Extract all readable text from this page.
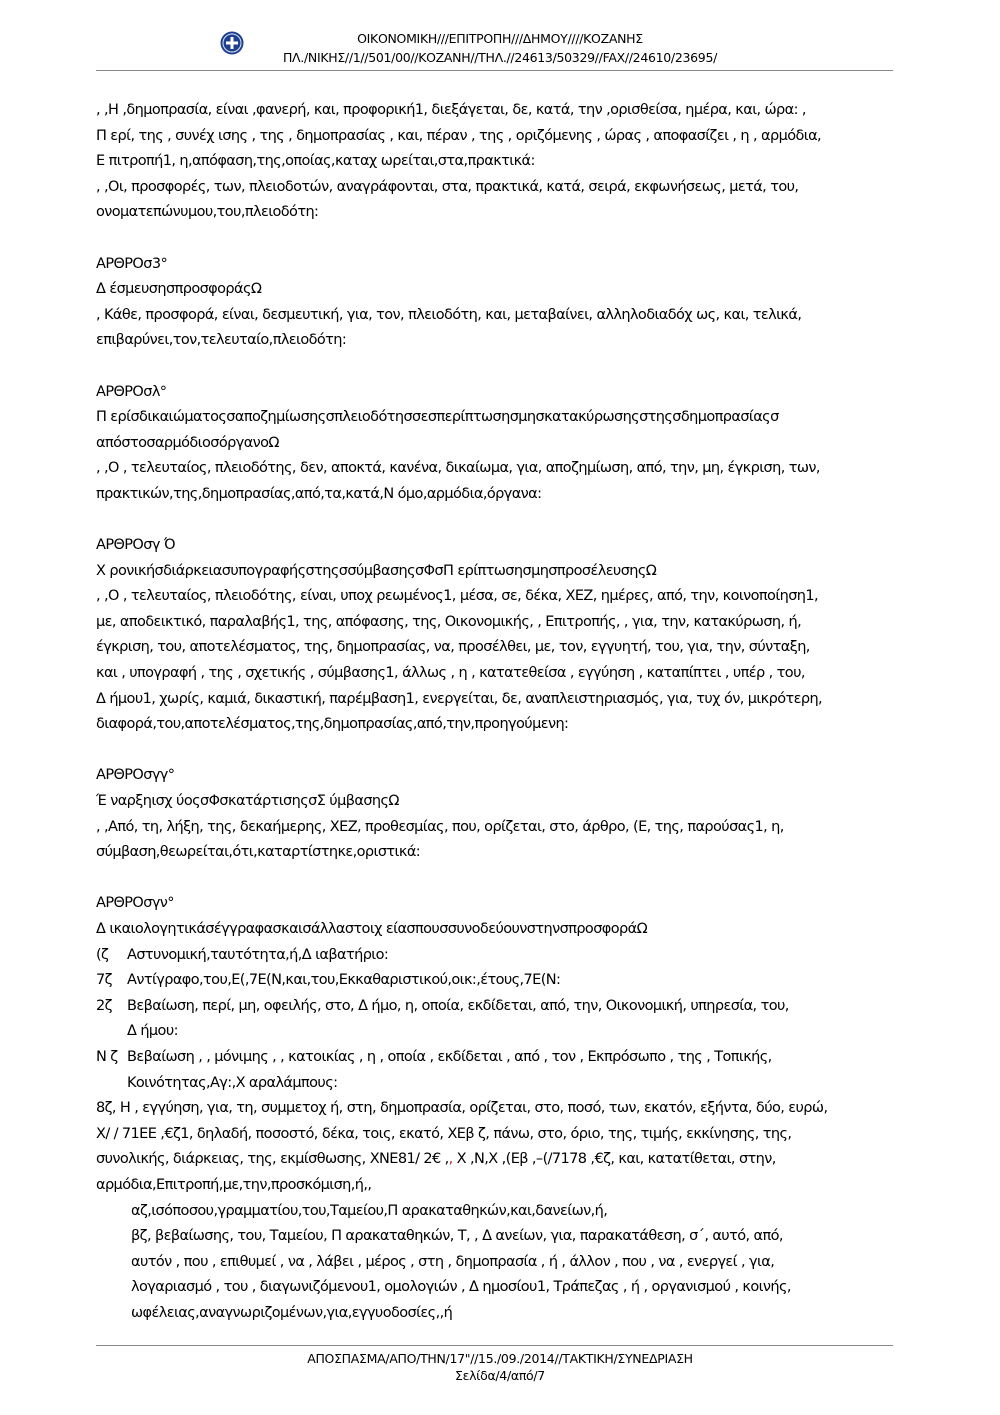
ΟΙΚΟΝΟΜΙΚΗ///ΕΠΙΤΡΟΠΗ///ΔΗΜΟΥ////ΚΟΖΑΝΗΣ
ΠΛ./ΝΙΚΗΣ//1//501/00//ΚΟΖΑΝΗ//ΤΗΛ.//24613/50329//FAX//24610/23695/

, ,Η ,δημοπρασία, είναι ,φανερή, και, προφορική1, διεξάγεται, δε, κατά, την ,ορισθείσα, ημέρα, και, ώρα: ,

Π ερί, της , συνέχ ισης , της , δημοπρασίας , και, πέραν , της , οριζόμενης , ώρας , αποφασίζει , η , αρμόδια,

Ε πιτροπή1, η,απόφαση,της,οποίας,καταχ ωρείται,στα,πρακτικά:

, ,Οι, προσφορές, των, πλειοδοτών, αναγράφονται, στα, πρακτικά, κατά, σειρά, εκφωνήσεως, μετά, του,

ονοματεπώνυμου,του,πλειοδότη:

ΑΡΘΡΟσ3°

Δ έσμευσησπροσφοράςΩ

, Κάθε, προσφορά, είναι, δεσμευτική, για, τον, πλειοδότη, και, μεταβαίνει, αλληλοδιαδόχ ως, και, τελικά,

επιβαρύνει,τον,τελευταίο,πλειοδότη:

ΑΡΘΡΟσλ°

Π ερίσδικαιώματοςσαποζημίωσηςσπλειοδότησσεσπερίπτωσησμησκατακύρωσηςστηςσδημοπρασίαςσ

απόστοσαρμόδιοσόργανοΩ

, ,Ο , τελευταίος, πλειοδότης, δεν, αποκτά, κανένα, δικαίωμα, για, αποζημίωση, από, την, μη, έγκριση, των,

πρακτικών,της,δημοπρασίας,από,τα,κατά,Ν όμο,αρμόδια,όργανα:

ΑΡΘΡΟσγ Ό

Χ ρονικήσδιάρκειασυπογραφήςστηςσσύμβασηςσΦσΠ ερίπτωσησμησπροσέλευσηςΩ

, ,Ο , τελευταίος, πλειοδότης, είναι, υποχ ρεωμένος1, μέσα, σε, δέκα, ΧΕΖ, ημέρες, από, την, κοινοποίηση1,

με, αποδεικτικό, παραλαβής1, της, απόφασης, της, Οικονομικής, , Επιτροπής, , για, την, κατακύρωση, ή,

έγκριση, του, αποτελέσματος, της, δημοπρασίας, να, προσέλθει, με, τον, εγγυητή, του, για, την, σύνταξη,

και , υπογραφή , της , σχετικής , σύμβασης1, άλλως , η , κατατεθείσα , εγγύηση , καταπίπτει , υπέρ , του,

Δ ήμου1, χωρίς, καμιά, δικαστική, παρέμβαση1, ενεργείται, δε, αναπλειστηριασμός, για, τυχ όν, μικρότερη,

διαφορά,του,αποτελέσματος,της,δημοπρασίας,από,την,προηγούμενη:

ΑΡΘΡΟσγγ°

Έ ναρξηισχ ύοςσΦσκατάρτισηςσΣ ύμβασηςΩ

, ,Από, τη, λήξη, της, δεκαήμερης, ΧΕΖ, προθεσμίας, που, ορίζεται, στο, άρθρο, (Ε, της, παρούσας1, η,

σύμβαση,θεωρείται,ότι,καταρτίστηκε,οριστικά:

ΑΡΘΡΟσγν°

Δ ικαιολογητικάσέγγραφασκαισάλλαστοιχ είασπουσσυνοδεύουνστηνσπροσφοράΩ

(ζ Αστυνομική,ταυτότητα,ή,Δ ιαβατήριο:
7ζ Αντίγραφο,του,Ε(,7Ε(Ν,και,του,Εκκαθαριστικού,οικ:,έτους,7Ε(Ν:
2ζ Βεβαίωση, περί, μη, οφειλής, στο, Δ ήμο, η, οποία, εκδίδεται, από, την, Οικονομική, υπηρεσία, του,
Δ ήμου:
Ν ζ Βεβαίωση , , μόνιμης , , κατοικίας , η , οποία , εκδίδεται , από , τον , Εκπρόσωπο , της , Τοπικής,
Κοινότητας,Αγ:,Χ αραλάμπους:

8ζ, Η , εγγύηση, για, τη, συμμετοχ ή, στη, δημοπρασία, ορίζεται, στο, ποσό, των, εκατόν, εξήντα, δύο, ευρώ,

Χ/ / 71ΕΕ ,€ζ1, δηλαδή, ποσοστό, δέκα, τοις, εκατό, ΧΕβ ζ, πάνω, στο, όριο, της, τιμής, εκκίνησης, της,

συνολικής, διάρκειας, της, εκμίσθωσης, ΧΝΕ81/ 2€ ,, Χ ,Ν,Χ ,(Εβ ,–(/7178 ,€ζ, και, κατατίθεται, στην,

αρμόδια,Επιτροπή,με,την,προσκόμιση,ή,,

αζ,ισόποσου,γραμματίου,του,Ταμείου,Π αρακαταθηκών,και,δανείων,ή,

βζ, βεβαίωσης, του, Ταμείου, Π αρακαταθηκών, Τ, , Δ ανείων, για, παρακατάθεση, σ΄, αυτό, από,

αυτόν , που , επιθυμεί , να , λάβει , μέρος , στη , δημοπρασία , ή , άλλον , που , να , ενεργεί , για,

λογαριασμό , του , διαγωνιζόμενου1, ομολογιών , Δ ημοσίου1, Τράπεζας , ή , οργανισμού , κοινής,

ωφέλειας,αναγνωριζομένων,για,εγγυοδοσίες,,ή

ΑΠΟΣΠΑΣΜΑ/ΑΠΟ/ΤΗΝ/17"//15./09./2014//ΤΑΚΤΙΚΗ/ΣΥΝΕΔΡΙΑΣΗ
Σελίδα/4/από/7
